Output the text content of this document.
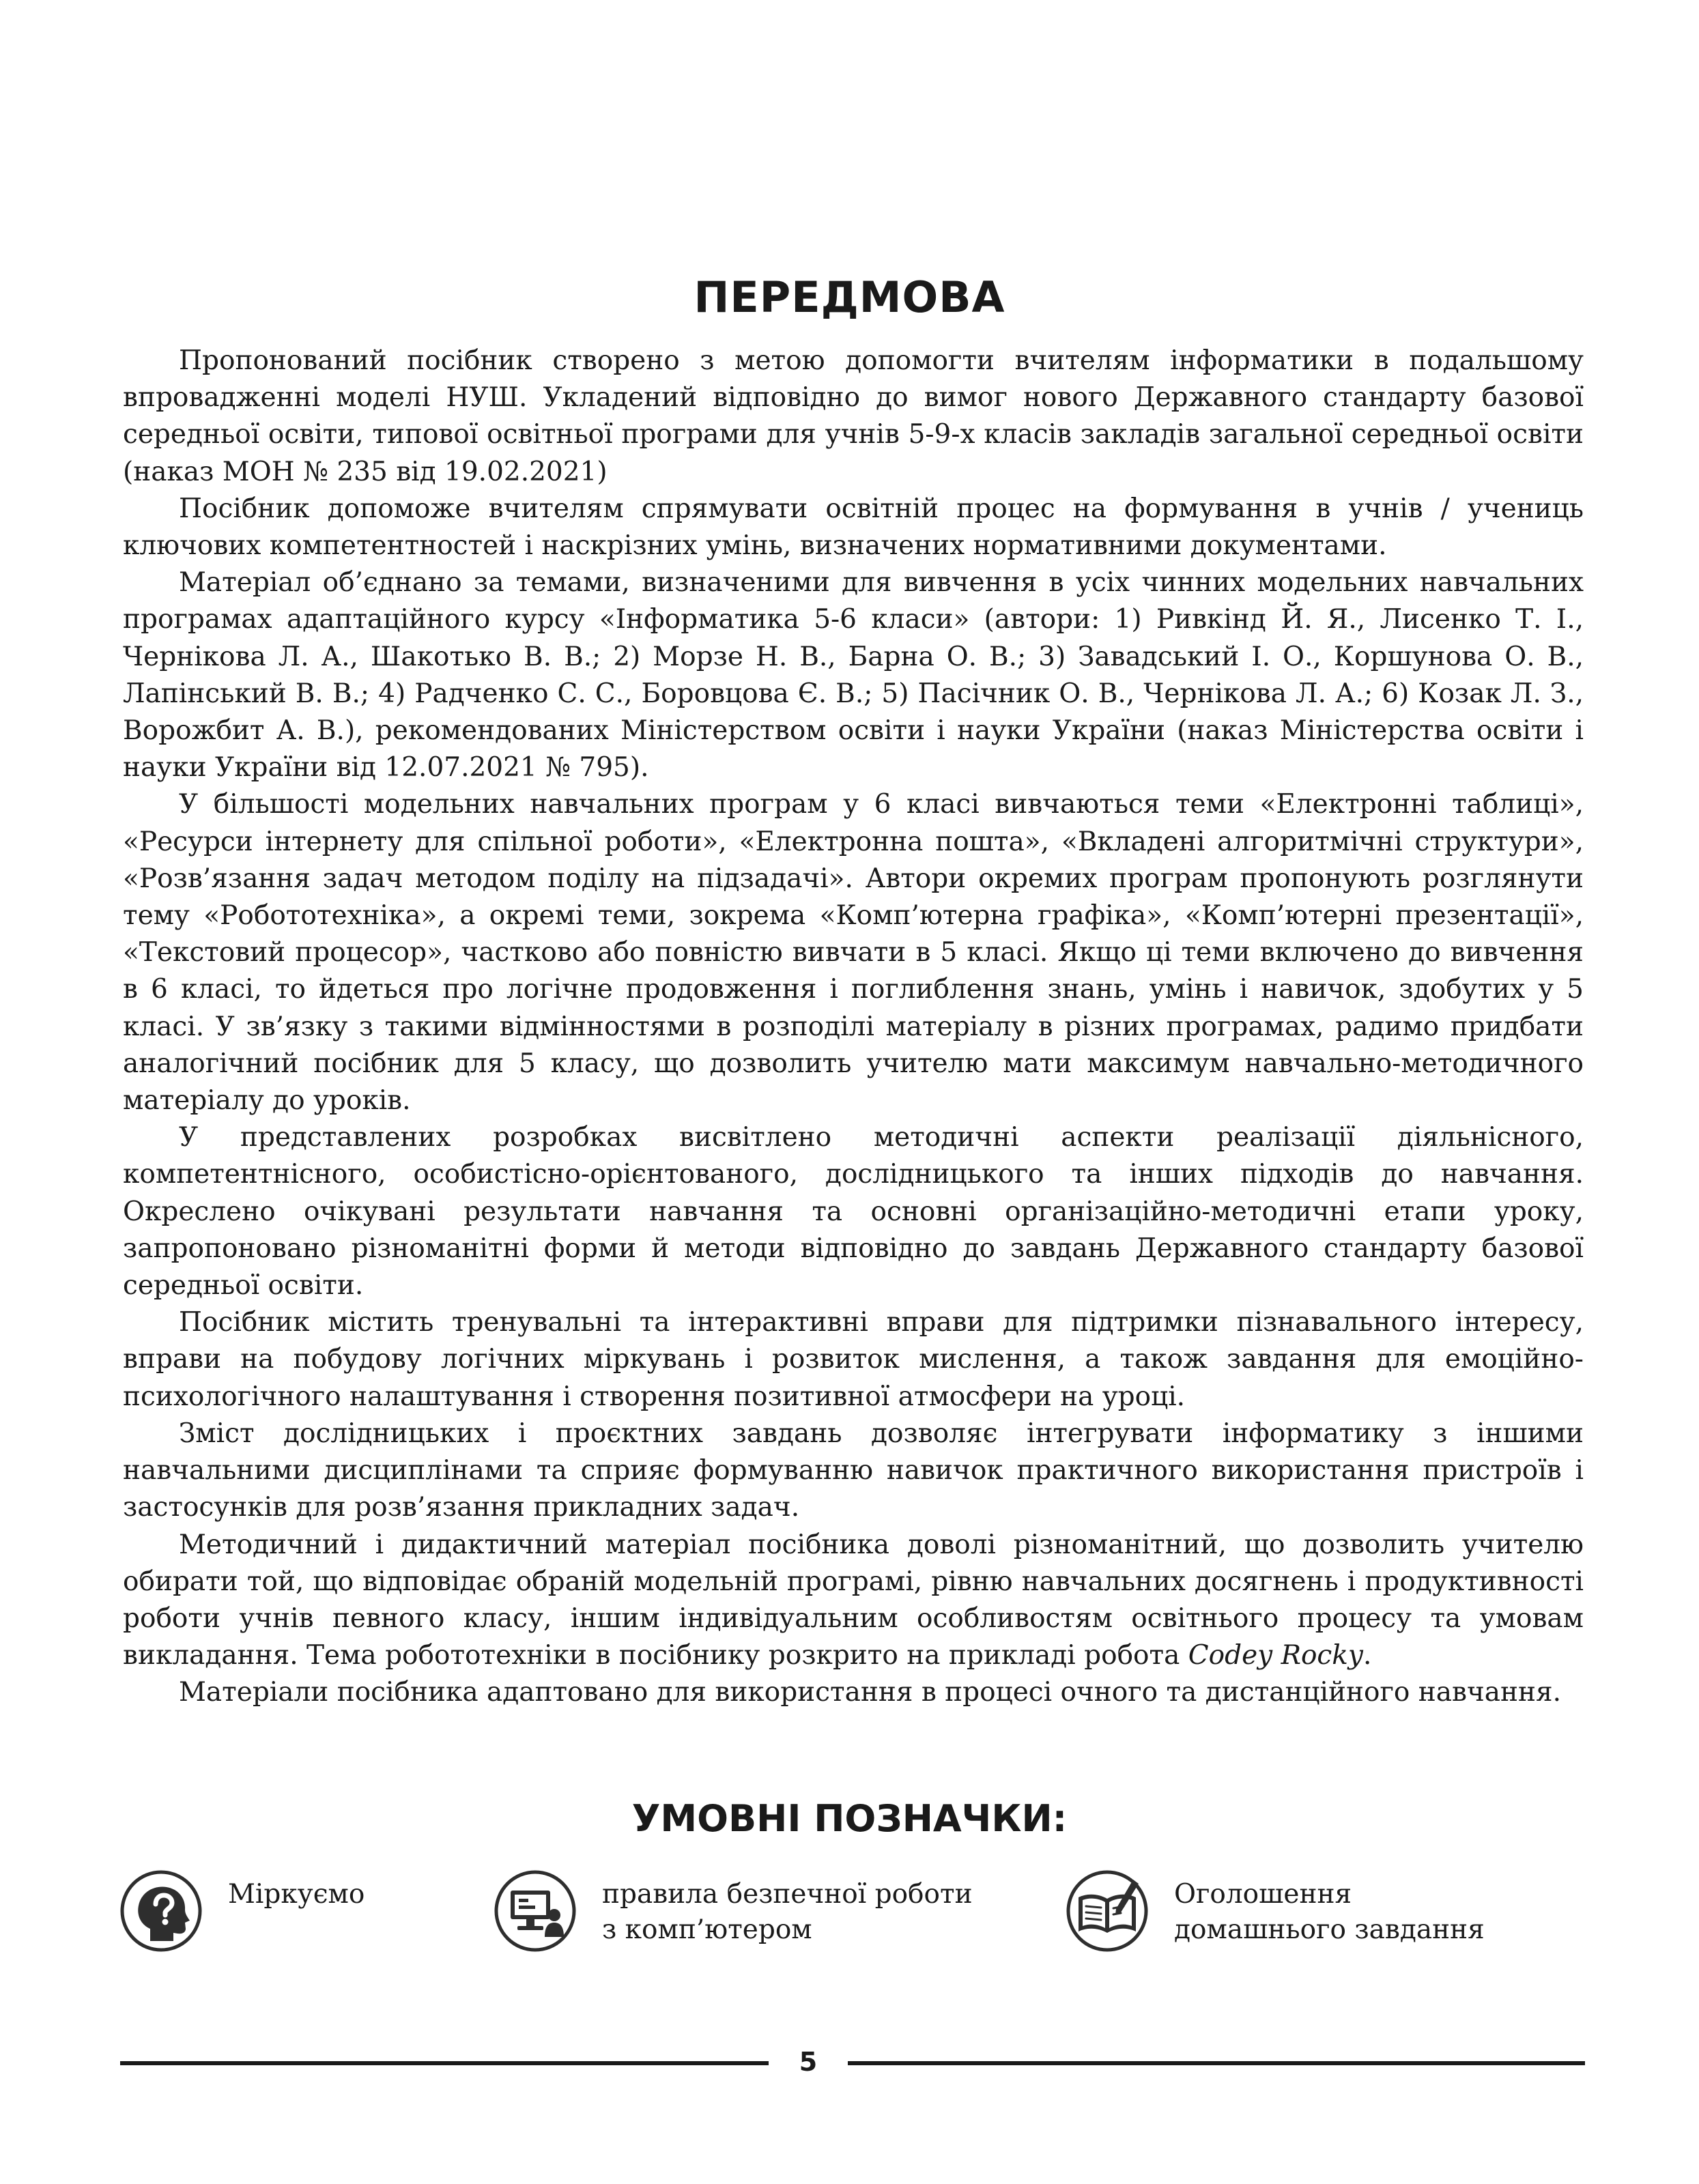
ПЕРЕДМОВА

Пропонований посібник створено з метою допомогти вчителям інформатики в подальшому впровадженні моделі НУШ. Укладений відповідно до вимог нового Державного стандарту базової середньої освіти, типової освітньої програми для учнів 5-9-х класів закладів загальної середньої освіти (наказ МОН № 235 від 19.02.2021)

Посібник допоможе вчителям спрямувати освітній процес на формування в учнів / учениць ключових компетентностей і наскрізних умінь, визначених нормативними документами.

Матеріал об’єднано за темами, визначеними для вивчення в усіх чинних модельних навчальних програмах адаптаційного курсу «Інформатика 5-6 класи» (автори: 1) Ривкінд Й. Я., Лисенко Т. І., Чернікова Л. А., Шакотько В. В.; 2) Морзе Н. В., Барна О. В.; 3) Завадський І. О., Коршунова О. В., Лапінський В. В.; 4) Радченко С. С., Боровцова Є. В.; 5) Пасічник О. В., Чернікова Л. А.; 6) Козак Л. З., Ворожбит А. В.), рекомендованих Міністерством освіти і науки України (наказ Міністерства освіти і науки України від 12.07.2021 № 795).

У більшості модельних навчальних програм у 6 класі вивчаються теми «Електронні таблиці», «Ресурси інтернету для спільної роботи», «Електронна пошта», «Вкладені алгоритмічні структури», «Розв’язання задач методом поділу на підзадачі». Автори окремих програм пропонують розглянути тему «Робототехніка», а окремі теми, зокрема «Комп’ютерна графіка», «Комп’ютерні презентації», «Текстовий процесор», частково або повністю вивчати в 5 класі. Якщо ці теми включено до вивчення в 6 класі, то йдеться про логічне продовження і поглиблення знань, умінь і навичок, здобутих у 5 класі. У зв’язку з такими відмінностями в розподілі матеріалу в різних програмах, радимо придбати аналогічний посібник для 5 класу, що дозволить учителю мати максимум навчально-методичного матеріалу до уроків.

У представлених розробках висвітлено методичні аспекти реалізації діяльнісного, компетентнісного, особистісно-орієнтованого, дослідницького та інших підходів до навчання. Окреслено очікувані результати навчання та основні організаційно-методичні етапи уроку, запропоновано різноманітні форми й методи відповідно до завдань Державного стандарту базової середньої освіти.

Посібник містить тренувальні та інтерактивні вправи для підтримки пізнавального інтересу, вправи на побудову логічних міркувань і розвиток мислення, а також завдання для емоційно-психологічного налаштування і створення позитивної атмосфери на уроці.

Зміст дослідницьких і проєктних завдань дозволяє інтегрувати інформатику з іншими навчальними дисциплінами та сприяє формуванню навичок практичного використання пристроїв і застосунків для розв’язання прикладних задач.

Методичний і дидактичний матеріал посібника доволі різноманітний, що дозволить учителю обирати той, що відповідає обраній модельній програмі, рівню навчальних досягнень і продуктивності роботи учнів певного класу, іншим індивідуальним особливостям освітнього процесу та умовам викладання. Тема робототехніки в посібнику розкрито на прикладі робота Codey Rocky.

Матеріали посібника адаптовано для використання в процесі очного та дистанційного навчання.

УМОВНІ ПОЗНАЧКИ:
Міркуємо	правила безпечної роботи
з комп’ютером
Оголошення
домашнього завдання
5
